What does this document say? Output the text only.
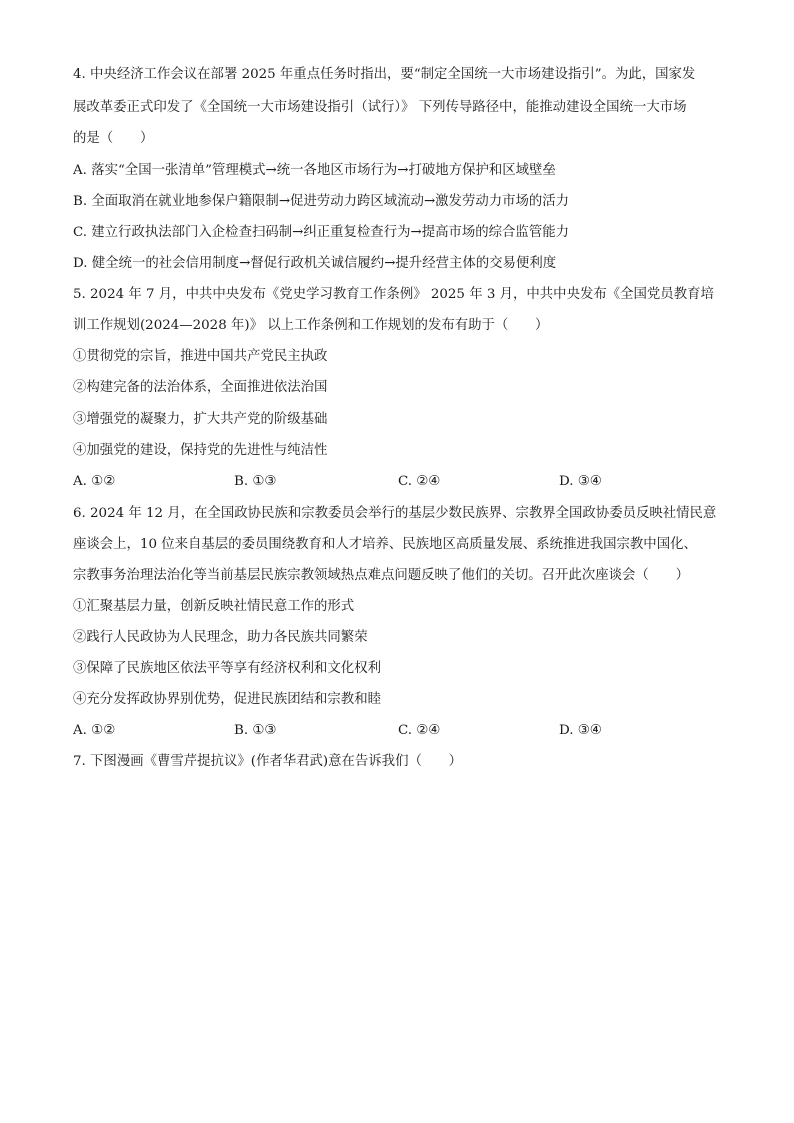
4. 中央经济工作会议在部署 2025 年重点任务时指出，要“制定全国统一大市场建设指引”。为此，国家发
展改革委正式印发了《全国统一大市场建设指引（试行）》 下列传导路径中，能推动建设全国统一大市场
的是（　　）
A. 落实“全国一张清单”管理模式→统一各地区市场行为→打破地方保护和区域壁垒
B. 全面取消在就业地参保户籍限制→促进劳动力跨区域流动→激发劳动力市场的活力
C. 建立行政执法部门入企检查扫码制→纠正重复检查行为→提高市场的综合监管能力
D. 健全统一的社会信用制度→督促行政机关诚信履约→提升经营主体的交易便利度
5. 2024 年 7 月，中共中央发布《党史学习教育工作条例》 2025 年 3 月，中共中央发布《全国党员教育培
训工作规划(2024—2028 年)》 以上工作条例和工作规划的发布有助于（　　）
①贯彻党的宗旨，推进中国共产党民主执政
②构建完备的法治体系，全面推进依法治国
③增强党的凝聚力，扩大共产党的阶级基础
④加强党的建设，保持党的先进性与纯洁性
A. ①②	B. ①③	C. ②④	D. ③④
6. 2024 年 12 月，在全国政协民族和宗教委员会举行的基层少数民族界、宗教界全国政协委员反映社情民意
座谈会上，10 位来自基层的委员围绕教育和人才培养、民族地区高质量发展、系统推进我国宗教中国化、
宗教事务治理法治化等当前基层民族宗教领域热点难点问题反映了他们的关切。召开此次座谈会（　　）
①汇聚基层力量，创新反映社情民意工作的形式
②践行人民政协为人民理念，助力各民族共同繁荣
③保障了民族地区依法平等享有经济权利和文化权利
④充分发挥政协界别优势，促进民族团结和宗教和睦
A. ①②	B. ①③	C. ②④	D. ③④
7. 下图漫画《曹雪芹提抗议》(作者华君武)意在告诉我们（　　）
